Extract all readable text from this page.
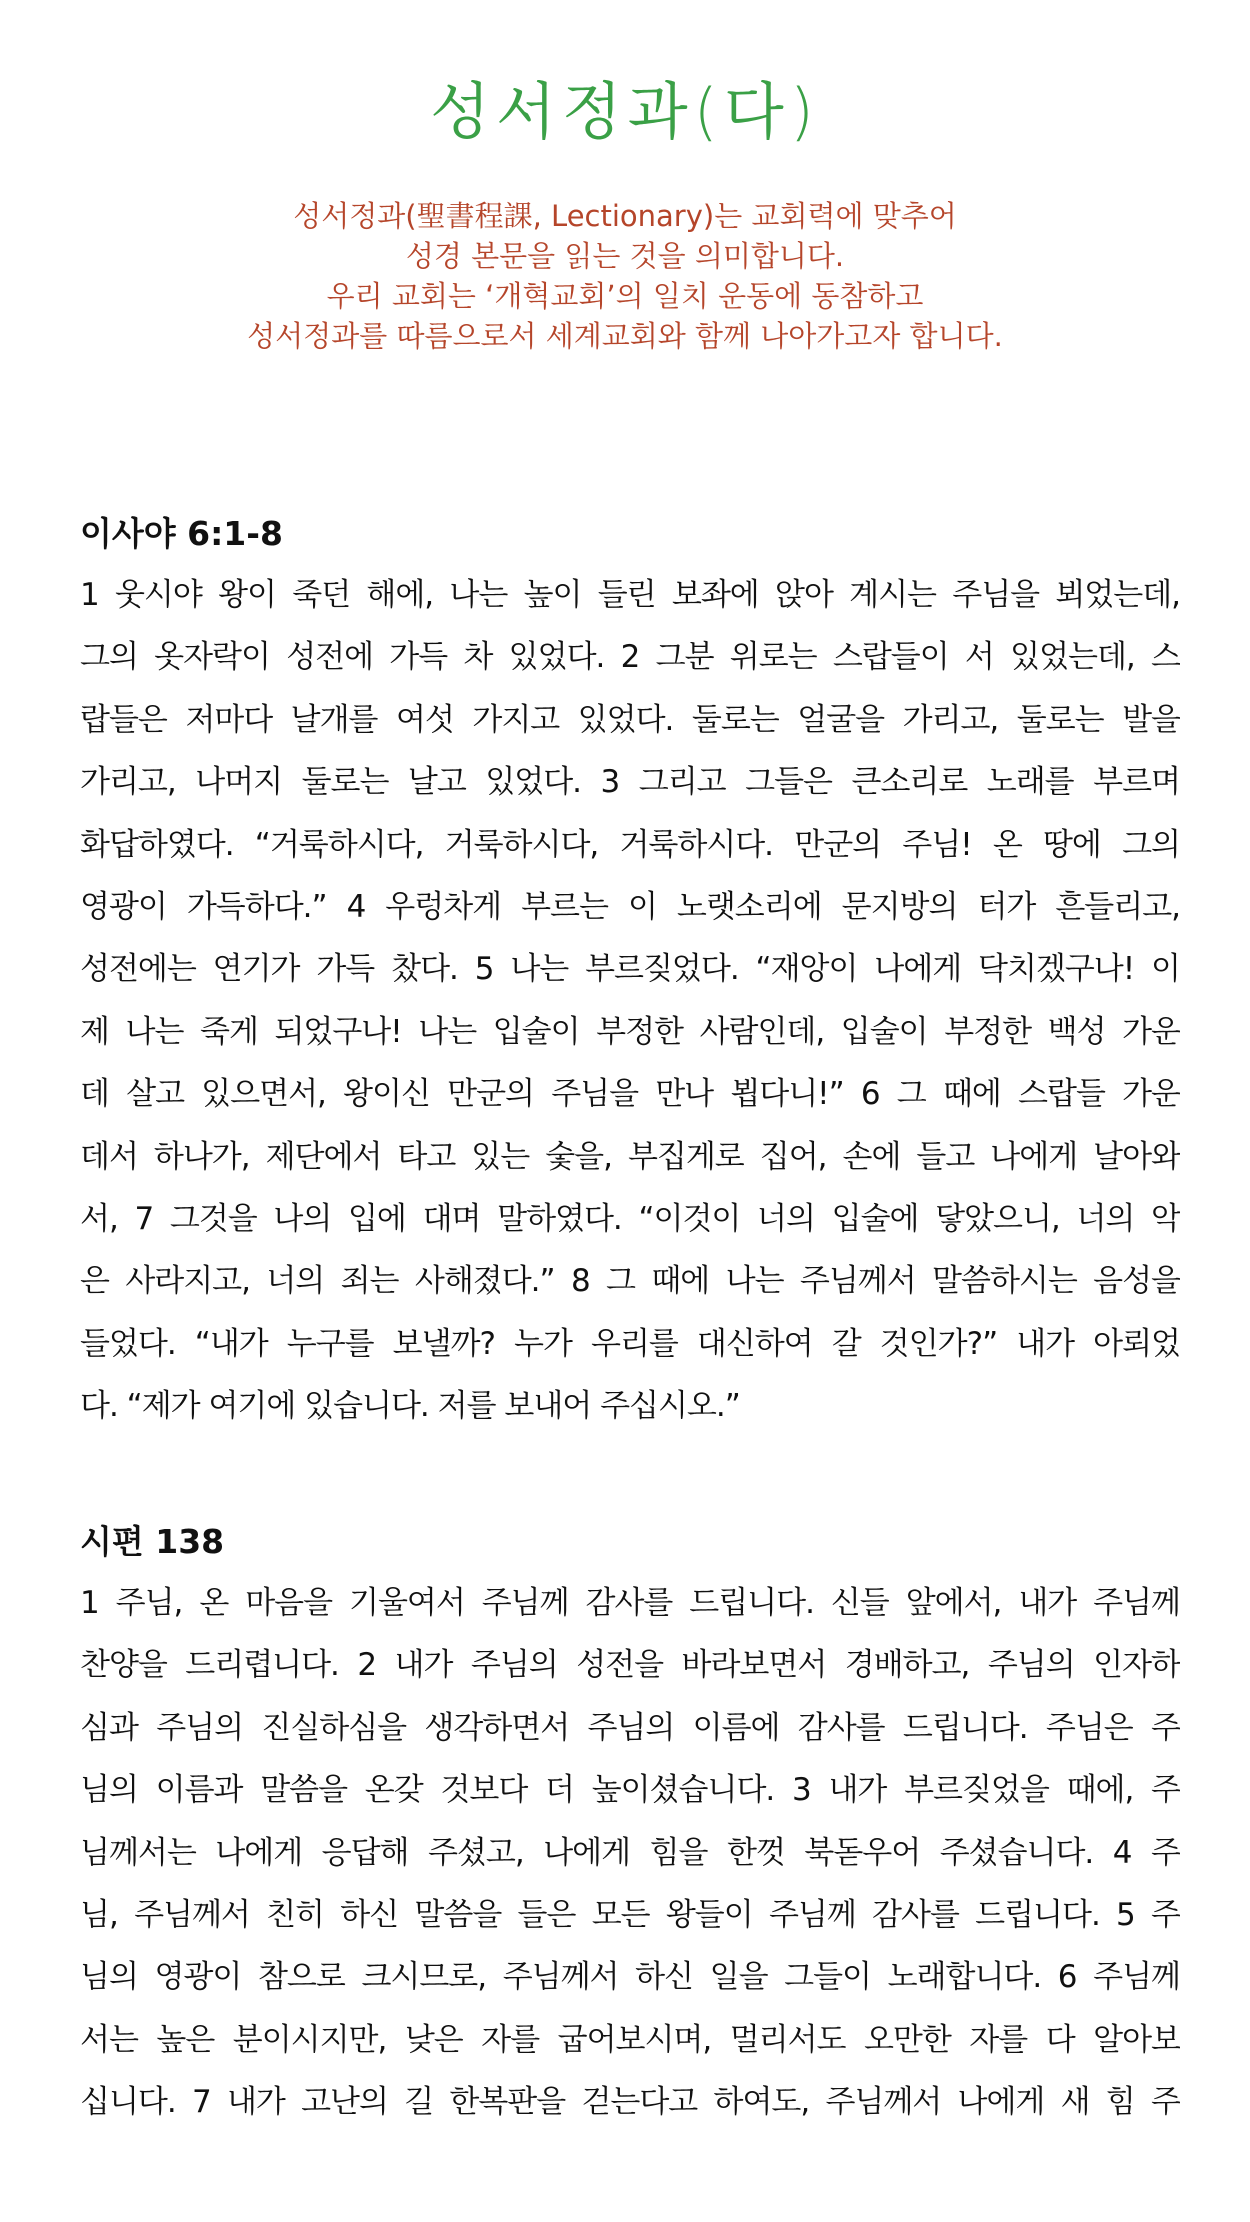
성서정과(다)
성서정과(聖書程課, Lectionary)는 교회력에 맞추어
성경 본문을 읽는 것을 의미합니다.
우리 교회는 ‘개혁교회’의 일치 운동에 동참하고
성서정과를 따름으로서 세계교회와 함께 나아가고자 합니다.
이사야 6:1-8
1 웃시야 왕이 죽던 해에, 나는 높이 들린 보좌에 앉아 계시는 주님을 뵈었는데,
그의 옷자락이 성전에 가득 차 있었다. 2 그분 위로는 스랍들이 서 있었는데, 스
랍들은 저마다 날개를 여섯 가지고 있었다. 둘로는 얼굴을 가리고, 둘로는 발을
가리고, 나머지 둘로는 날고 있었다. 3 그리고 그들은 큰소리로 노래를 부르며
화답하였다. “거룩하시다, 거룩하시다, 거룩하시다. 만군의 주님! 온 땅에 그의
영광이 가득하다.” 4 우렁차게 부르는 이 노랫소리에 문지방의 터가 흔들리고,
성전에는 연기가 가득 찼다. 5 나는 부르짖었다. “재앙이 나에게 닥치겠구나! 이
제 나는 죽게 되었구나! 나는 입술이 부정한 사람인데, 입술이 부정한 백성 가운
데 살고 있으면서, 왕이신 만군의 주님을 만나 뵙다니!” 6 그 때에 스랍들 가운
데서 하나가, 제단에서 타고 있는 숯을, 부집게로 집어, 손에 들고 나에게 날아와
서, 7 그것을 나의 입에 대며 말하였다. “이것이 너의 입술에 닿았으니, 너의 악
은 사라지고, 너의 죄는 사해졌다.” 8 그 때에 나는 주님께서 말씀하시는 음성을
들었다. “내가 누구를 보낼까? 누가 우리를 대신하여 갈 것인가?” 내가 아뢰었
다. “제가 여기에 있습니다. 저를 보내어 주십시오.”
시편 138
1 주님, 온 마음을 기울여서 주님께 감사를 드립니다. 신들 앞에서, 내가 주님께
찬양을 드리렵니다. 2 내가 주님의 성전을 바라보면서 경배하고, 주님의 인자하
심과 주님의 진실하심을 생각하면서 주님의 이름에 감사를 드립니다. 주님은 주
님의 이름과 말씀을 온갖 것보다 더 높이셨습니다. 3 내가 부르짖었을 때에, 주
님께서는 나에게 응답해 주셨고, 나에게 힘을 한껏 북돋우어 주셨습니다. 4 주
님, 주님께서 친히 하신 말씀을 들은 모든 왕들이 주님께 감사를 드립니다. 5 주
님의 영광이 참으로 크시므로, 주님께서 하신 일을 그들이 노래합니다. 6 주님께
서는 높은 분이시지만, 낮은 자를 굽어보시며, 멀리서도 오만한 자를 다 알아보
십니다. 7 내가 고난의 길 한복판을 걷는다고 하여도, 주님께서 나에게 새 힘 주
